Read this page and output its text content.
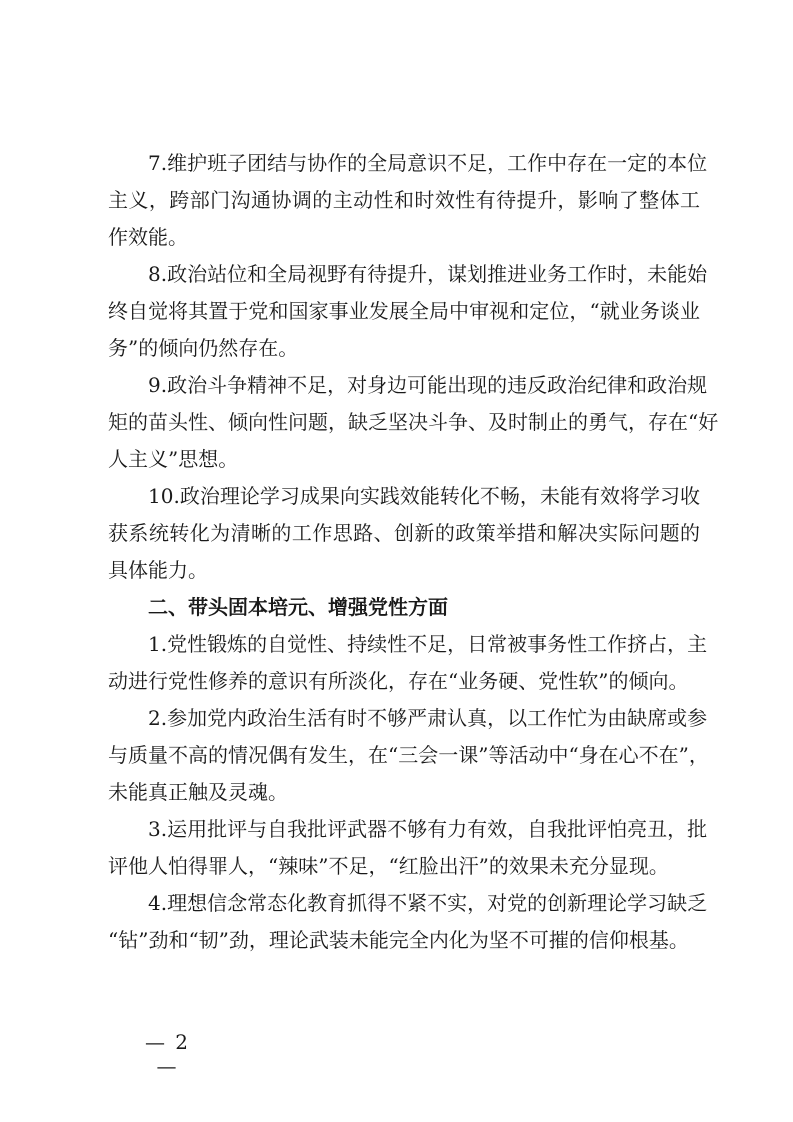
7.维护班子团结与协作的全局意识不足，工作中存在一定的本位
主义，跨部门沟通协调的主动性和时效性有待提升，影响了整体工
作效能。
8.政治站位和全局视野有待提升，谋划推进业务工作时，未能始
终自觉将其置于党和国家事业发展全局中审视和定位，“就业务谈业
务”的倾向仍然存在。
9.政治斗争精神不足，对身边可能出现的违反政治纪律和政治规
矩的苗头性、倾向性问题，缺乏坚决斗争、及时制止的勇气，存在“好
人主义”思想。
10.政治理论学习成果向实践效能转化不畅，未能有效将学习收
获系统转化为清晰的工作思路、创新的政策举措和解决实际问题的
具体能力。
二、带头固本培元、增强党性方面
1.党性锻炼的自觉性、持续性不足，日常被事务性工作挤占，主
动进行党性修养的意识有所淡化，存在“业务硬、党性软”的倾向。
2.参加党内政治生活有时不够严肃认真，以工作忙为由缺席或参
与质量不高的情况偶有发生，在“三会一课”等活动中“身在心不在”，
未能真正触及灵魂。
3.运用批评与自我批评武器不够有力有效，自我批评怕亮丑，批
评他人怕得罪人，“辣味”不足，“红脸出汗”的效果未充分显现。
4.理想信念常态化教育抓得不紧不实，对党的创新理论学习缺乏
“钻”劲和“韧”劲，理论武装未能完全内化为坚不可摧的信仰根基。
— 2 —
